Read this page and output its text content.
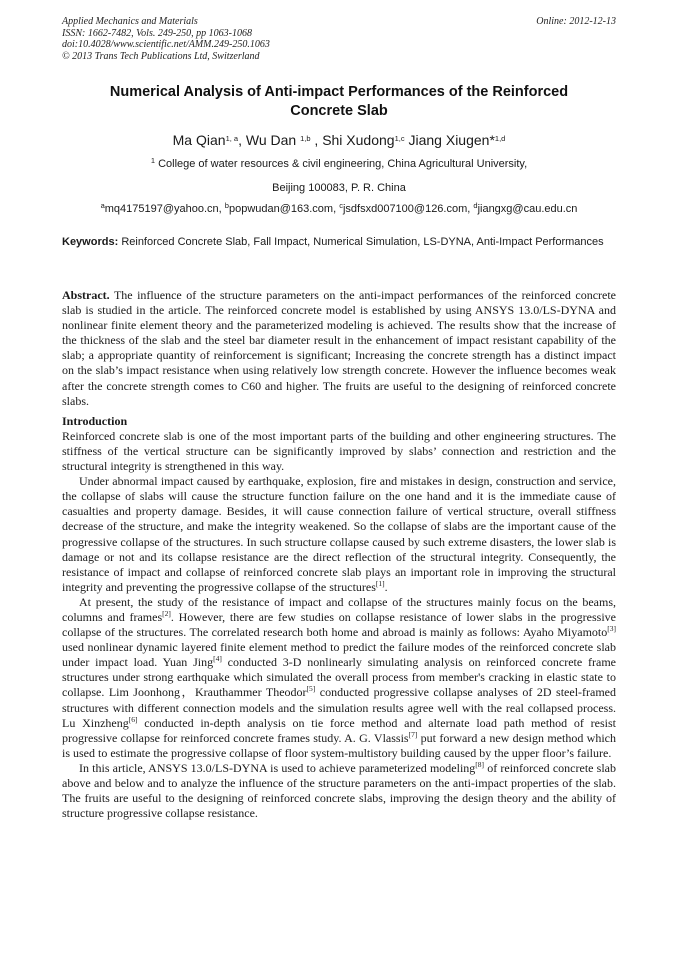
Applied Mechanics and Materials
ISSN: 1662-7482, Vols. 249-250, pp 1063-1068
doi:10.4028/www.scientific.net/AMM.249-250.1063
© 2013 Trans Tech Publications Ltd, Switzerland
Online: 2012-12-13
Numerical Analysis of Anti-impact Performances of the Reinforced
Concrete Slab
Ma Qian$^{1, a}$, Wu Dan $^{1,b}$ , Shi Xudong$^{1,c}$ Jiang Xiugen*$^{1,d}$
$^1$ College of water resources & civil engineering, China Agricultural University,
Beijing 100083, P. R. China
$^a$mq4175197@yahoo.cn, $^b$popwudan@163.com, $^c$jsdfsxd007100@126.com, $^d$jiangxg@cau.edu.cn
Keywords: Reinforced Concrete Slab, Fall Impact, Numerical Simulation, LS-DYNA, Anti-Impact Performances

Abstract. The influence of the structure parameters on the anti-impact performances of the reinforced concrete slab is studied in the article. The reinforced concrete model is established by using ANSYS 13.0/LS-DYNA and nonlinear finite element theory and the parameterized modeling is achieved. The results show that the increase of the thickness of the slab and the steel bar diameter result in the enhancement of impact resistant capability of the slab; a appropriate quantity of reinforcement is significant; Increasing the concrete strength has a distinct impact on the slab’s impact resistance when using relatively low strength concrete. However the influence becomes weak after the concrete strength comes to C60 and higher. The fruits are useful to the designing of reinforced concrete slabs.

Introduction

Reinforced concrete slab is one of the most important parts of the building and other engineering structures. The stiffness of the vertical structure can be significantly improved by slabs’ connection and restriction and the structural integrity is strengthened in this way.

Under abnormal impact caused by earthquake, explosion, fire and mistakes in design, construction and service, the collapse of slabs will cause the structure function failure on the one hand and it is the immediate cause of casualties and property damage. Besides, it will cause connection failure of vertical structure, overall stiffness decrease of the structure, and make the integrity weakened. So the collapse of slabs are the important cause of the progressive collapse of the structures. In such structure collapse caused by such extreme disasters, the lower slab is damage or not and its collapse resistance are the direct reflection of the structural integrity. Consequently, the resistance of impact and collapse of reinforced concrete slab plays an important role in improving the structural integrity and preventing the progressive collapse of the structures[1].

At present, the study of the resistance of impact and collapse of the structures mainly focus on the beams, columns and frames[2]. However, there are few studies on collapse resistance of lower slabs in the progressive collapse of the structures. The correlated research both home and abroad is mainly as follows: Ayaho Miyamoto[3] used nonlinear dynamic layered finite element method to predict the failure modes of the reinforced concrete slab under impact load. Yuan Jing[4] conducted 3-D nonlinearly simulating analysis on reinforced concrete frame structures under strong earthquake which simulated the overall process from member's cracking in elastic state to collapse. Lim Joonhong，Krauthammer Theodor[5] conducted progressive collapse analyses of 2D steel-framed structures with different connection models and the simulation results agree well with the real collapsed process. Lu Xinzheng[6] conducted in-depth analysis on tie force method and alternate load path method of resist progressive collapse for reinforced concrete frames study. A. G. Vlassis[7] put forward a new design method which is used to estimate the progressive collapse of floor system-multistory building caused by the upper floor’s failure.

In this article, ANSYS 13.0/LS-DYNA is used to achieve parameterized modeling[8] of reinforced concrete slab above and below and to analyze the influence of the structure parameters on the anti-impact properties of the slab. The fruits are useful to the designing of reinforced concrete slabs, improving the design theory and the ability of structure progressive collapse resistance.
